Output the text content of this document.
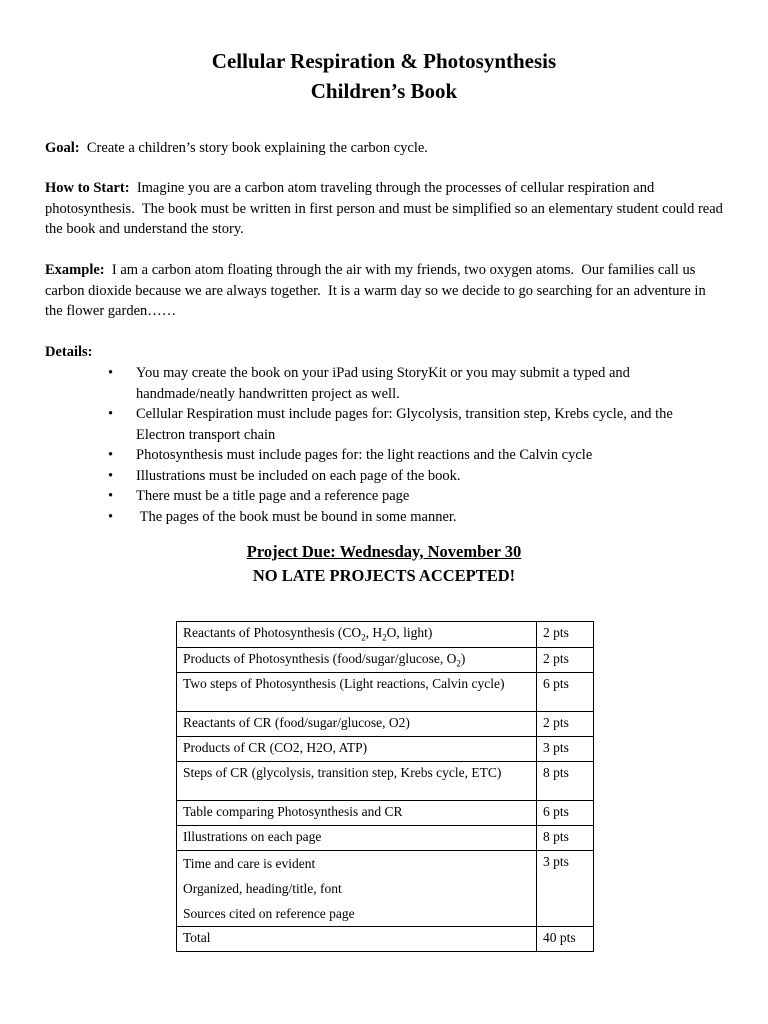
Cellular Respiration & Photosynthesis
Children’s Book

Goal:  Create a children’s story book explaining the carbon cycle.

How to Start:  Imagine you are a carbon atom traveling through the processes of cellular respiration and photosynthesis.  The book must be written in first person and must be simplified so an elementary student could read the book and understand the story.

Example:  I am a carbon atom floating through the air with my friends, two oxygen atoms.  Our families call us carbon dioxide because we are always together.  It is a warm day so we decide to go searching for an adventure in the flower garden……

Details:

•	You may create the book on your iPad using StoryKit or you may submit a typed and handmade/neatly handwritten project as well.
•	Cellular Respiration must include pages for: Glycolysis, transition step, Krebs cycle, and the Electron transport chain
•	Photosynthesis must include pages for: the light reactions and the Calvin cycle
•	Illustrations must be included on each page of the book.
•	There must be a title page and a reference page
•	The pages of the book must be bound in some manner.
Project Due: Wednesday, November 30
NO LATE PROJECTS ACCEPTED!
Reactants of Photosynthesis ($CO_2$, $H_2O$, light)	2 pts
Products of Photosynthesis (food/sugar/glucose, $O_2$)	2 pts
Two steps of Photosynthesis (Light reactions, Calvin cycle)	6 pts
Reactants of CR (food/sugar/glucose, O2)	2 pts
Products of CR (CO2, H2O, ATP)	3 pts
Steps of CR (glycolysis, transition step, Krebs cycle, ETC)	8 pts
Table comparing Photosynthesis and CR	6 pts
Illustrations on each page	8 pts

Time and care is evident
Organized, heading/title, font
Sources cited on reference page	3 pts
Total	40 pts
